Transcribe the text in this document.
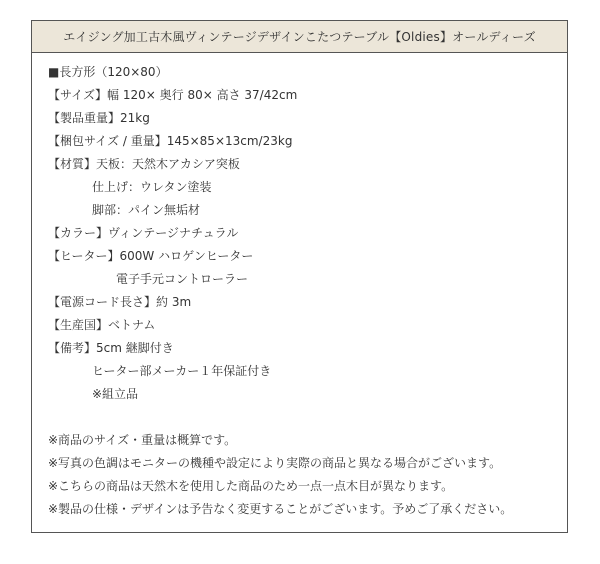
エイジング加工古木風ヴィンテージデザインこたつテーブル【Oldies】オールディーズ
■長方形（120×80）
【サイズ】幅 120× 奥行 80× 高さ 37/42cm
【製品重量】21kg
【梱包サイズ / 重量】145×85×13cm/23kg
【材質】天板：天然木アカシア突板
仕上げ：ウレタン塗装
脚部：パイン無垢材
【カラー】ヴィンテージナチュラル
【ヒーター】600W ハロゲンヒーター
電子手元コントローラー
【電源コード長さ】約 3m
【生産国】ベトナム
【備考】5cm 継脚付き
ヒーター部メーカー１年保証付き
※組立品
※商品のサイズ・重量は概算です。
※写真の色調はモニターの機種や設定により実際の商品と異なる場合がございます。
※こちらの商品は天然木を使用した商品のため一点一点木目が異なります。
※製品の仕様・デザインは予告なく変更することがございます。予めご了承ください。
